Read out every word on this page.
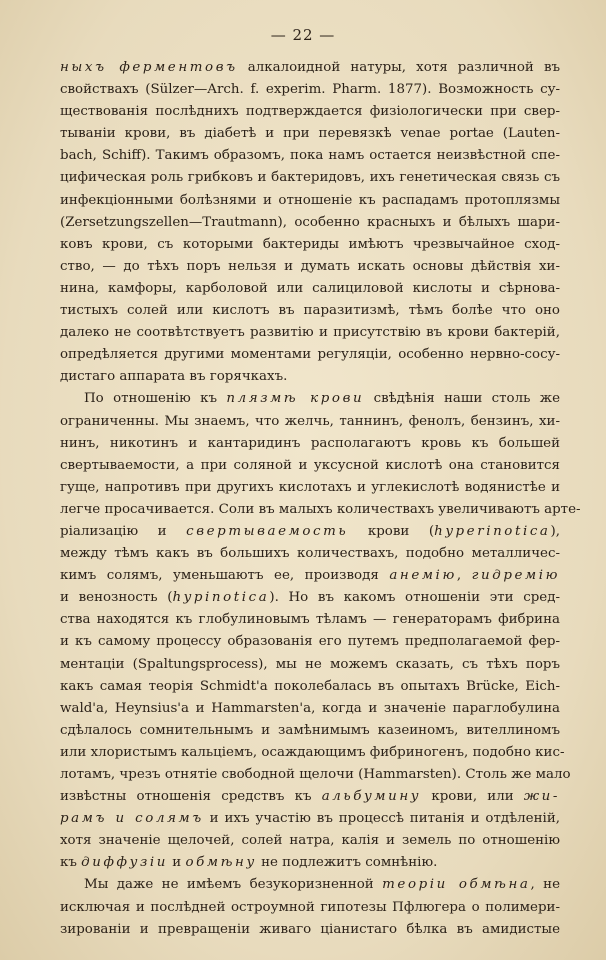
— 22 —
ныхъ ферментовъ алкалоидной натуры, хотя различной въ
свойствахъ (Sülzer—Arch. f. experim. Pharm. 1877). Возможность су-
ществованія послѣднихъ подтверждается физіологически при свер-
тываніи крови, въ діабетѣ и при перевязкѣ venae portae (Lauten-
bach, Schiff). Такимъ образомъ, пока намъ остается неизвѣстной спе-
цифическая роль грибковъ и бактеридовъ, ихъ генетическая связь съ
инфекціонными болѣзнями и отношеніе къ распадамъ протоплязмы
(Zersetzungszellen—Trautmann), особенно красныхъ и бѣлыхъ шари-
ковъ крови, съ которыми бактериды имѣютъ чрезвычайное сход-
ство, — до тѣхъ поръ нельзя и думать искать основы дѣйствія хи-
нина, камфоры, карболовой или салициловой кислоты и сѣрнова-
тистыхъ солей или кислотъ въ паразитизмѣ, тѣмъ болѣе что оно
далеко не соотвѣтствуетъ развитію и присутствію въ крови бактерій,
опредѣляется другими моментами регуляціи, особенно нервно-сосу-
дистаго аппарата въ горячкахъ.
По отношенію къ плязмѣ крови свѣдѣнія наши столь же
ограниченны. Мы знаемъ, что желчь, таннинъ, фенолъ, бензинъ, хи-
нинъ, никотинъ и кантаридинъ располагаютъ кровь къ большей
свертываемости, а при соляной и уксусной кислотѣ она становится
гуще, напротивъ при другихъ кислотахъ и углекислотѣ водянистѣе и
легче просачивается. Соли въ малыхъ количествахъ увеличиваютъ арте-
ріализацію и свертываемость крови (hyperinotica),
между тѣмъ какъ въ большихъ количествахъ, подобно металличес-
кимъ солямъ, уменьшаютъ ее, производя анемію, гидремію
и венозность (hypinotica). Но въ какомъ отношеніи эти сред-
ства находятся къ глобулиновымъ тѣламъ — генераторамъ фибрина
и къ самому процессу образованія его путемъ предполагаемой фер-
ментаціи (Spaltungsprocess), мы не можемъ сказать, съ тѣхъ поръ
какъ самая теорія Schmidt'а поколебалась въ опытахъ Brücke, Eich-
wald'a, Heynsius'a и Hammarsten'a, когда и значеніе параглобулина
сдѣлалось сомнительнымъ и замѣнимымъ казеиномъ, вителлиномъ
или хлористымъ кальціемъ, осаждающимъ фибриногенъ, подобно кис-
лотамъ, чрезъ отнятіе свободной щелочи (Hammarsten). Столь же мало
извѣстны отношенія средствъ къ альбумину крови, или жи-
рамъ и солямъ и ихъ участію въ процессѣ питанія и отдѣленій,
хотя значеніе щелочей, солей натра, калія и земель по отношенію
къ диффузіи и обмѣну не подлежитъ сомнѣнію.
Мы даже не имѣемъ безукоризненной теоріи обмѣна, не
исключая и послѣдней остроумной гипотезы Пфлюгера о полимери-
зированіи и превращеніи живаго ціанистаго бѣлка въ амидистые
